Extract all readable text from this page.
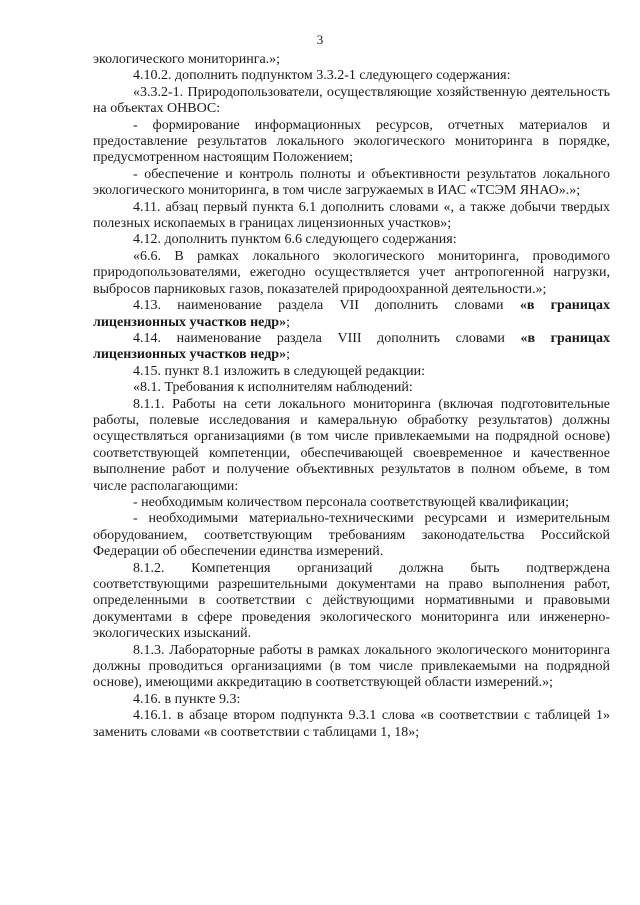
3

экологического мониторинга.»;

4.10.2. дополнить подпунктом 3.3.2-1 следующего содержания:

«3.3.2-1. Природопользователи, осуществляющие хозяйственную деятельность на объектах ОНВОС:

- формирование информационных ресурсов, отчетных материалов и предоставление результатов локального экологического мониторинга в порядке, предусмотренном настоящим Положением;

- обеспечение и контроль полноты и объективности результатов локального экологического мониторинга, в том числе загружаемых в ИАС «ТСЭМ ЯНАО».»;

4.11. абзац первый пункта 6.1 дополнить словами «, а также добычи твердых полезных ископаемых в границах лицензионных участков»;

4.12. дополнить пунктом 6.6 следующего содержания:

«6.6. В рамках локального экологического мониторинга, проводимого природопользователями, ежегодно осуществляется учет антропогенной нагрузки, выбросов парниковых газов, показателей природоохранной деятельности.»;

4.13. наименование раздела VII дополнить словами «в границах лицензионных участков недр»;

4.14. наименование раздела VIII дополнить словами «в границах лицензионных участков недр»;

4.15. пункт 8.1 изложить в следующей редакции:

«8.1. Требования к исполнителям наблюдений:

8.1.1. Работы на сети локального мониторинга (включая подготовительные работы, полевые исследования и камеральную обработку результатов) должны осуществляться организациями (в том числе привлекаемыми на подрядной основе) соответствующей компетенции, обеспечивающей своевременное и качественное выполнение работ и получение объективных результатов в полном объеме, в том числе располагающими:

- необходимым количеством персонала соответствующей квалификации;

- необходимыми материально-техническими ресурсами и измерительным оборудованием, соответствующим требованиям законодательства Российской Федерации об обеспечении единства измерений.

8.1.2. Компетенция организаций должна быть подтверждена соответствующими разрешительными документами на право выполнения работ, определенными в соответствии с действующими нормативными и правовыми документами в сфере проведения экологического мониторинга или инженерно-экологических изысканий.

8.1.3. Лабораторные работы в рамках локального экологического мониторинга должны проводиться организациями (в том числе привлекаемыми на подрядной основе), имеющими аккредитацию в соответствующей области измерений.»;

4.16. в пункте 9.3:

4.16.1. в абзаце втором подпункта 9.3.1 слова «в соответствии с таблицей 1» заменить словами «в соответствии с таблицами 1, 18»;
